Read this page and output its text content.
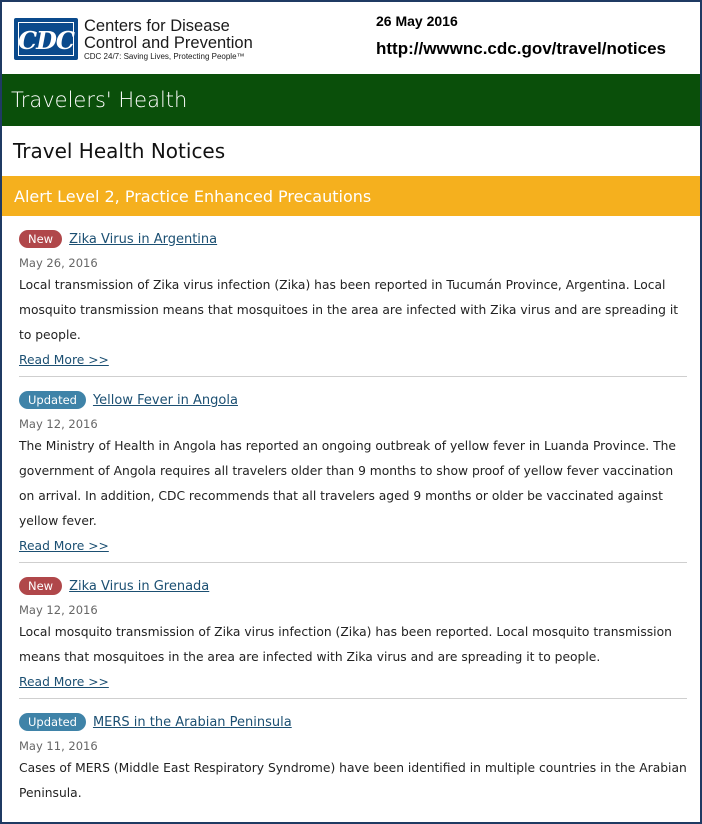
CDC Centers for Disease
Control and Prevention
CDC 24/7: Saving Lives, Protecting People™
26 May 2016
http://wwwnc.cdc.gov/travel/notices
Travelers' Health
Travel Health Notices
Alert Level 2, Practice Enhanced Precautions
New	Zika Virus in Argentina
May 26, 2016
Local transmission of Zika virus infection (Zika) has been reported in Tucumán Province, Argentina. Local mosquito transmission means that mosquitoes in the area are infected with Zika virus and are spreading it to people.
Read More >>
Updated	Yellow Fever in Angola
May 12, 2016
The Ministry of Health in Angola has reported an ongoing outbreak of yellow fever in Luanda Province. The government of Angola requires all travelers older than 9 months to show proof of yellow fever vaccination on arrival. In addition, CDC recommends that all travelers aged 9 months or older be vaccinated against yellow fever.
Read More >>
New	Zika Virus in Grenada
May 12, 2016
Local mosquito transmission of Zika virus infection (Zika) has been reported. Local mosquito transmission means that mosquitoes in the area are infected with Zika virus and are spreading it to people.
Read More >>
Updated	MERS in the Arabian Peninsula
May 11, 2016
Cases of MERS (Middle East Respiratory Syndrome) have been identified in multiple countries in the Arabian Peninsula.
